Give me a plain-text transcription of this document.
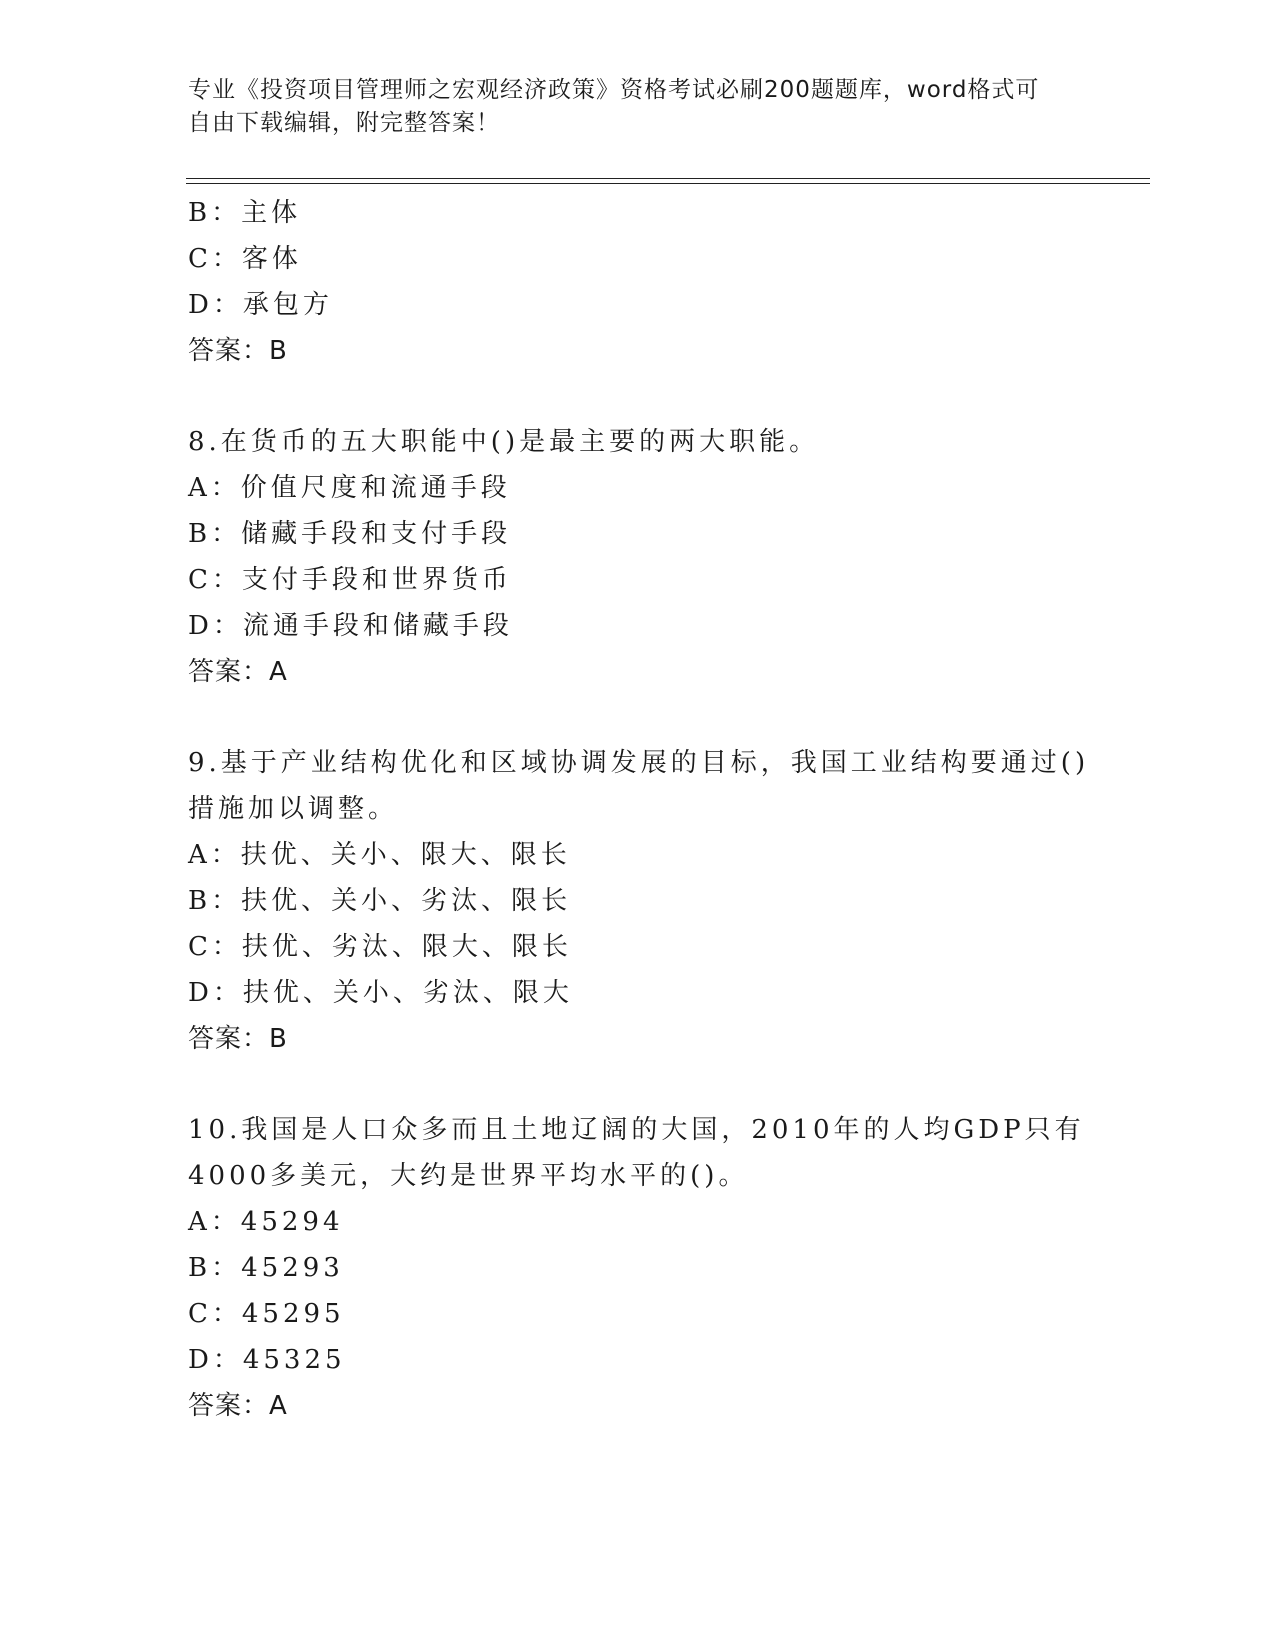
专业《投资项目管理师之宏观经济政策》资格考试必刷200题题库，word格式可
自由下载编辑，附完整答案！
B：主体
C：客体
D：承包方
答案：B
8.在货币的五大职能中()是最主要的两大职能。
A：价值尺度和流通手段
B：储藏手段和支付手段
C：支付手段和世界货币
D：流通手段和储藏手段
答案：A
9.基于产业结构优化和区域协调发展的目标，我国工业结构要通过()
措施加以调整。
A：扶优、关小、限大、限长
B：扶优、关小、劣汰、限长
C：扶优、劣汰、限大、限长
D：扶优、关小、劣汰、限大
答案：B
10.我国是人口众多而且土地辽阔的大国，2010年的人均GDP只有
4000多美元，大约是世界平均水平的()。
A：45294
B：45293
C：45295
D：45325
答案：A
